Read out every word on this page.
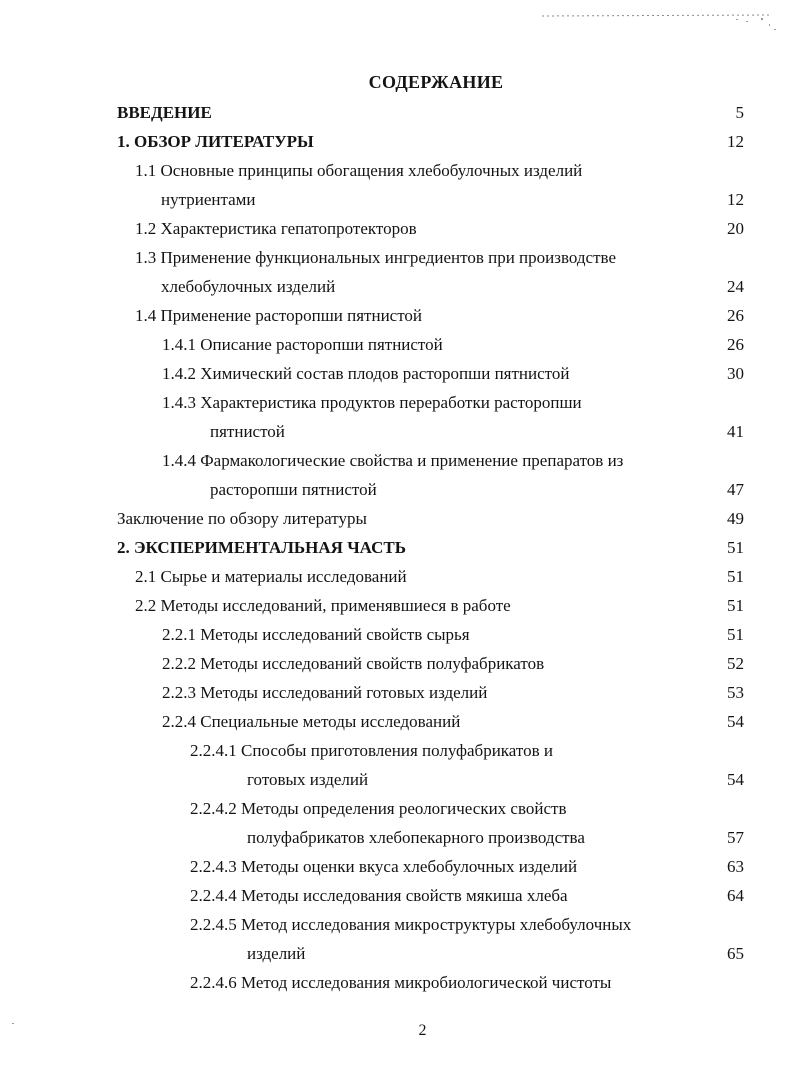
СОДЕРЖАНИЕ
ВВЕДЕНИЕ	5
1. ОБЗОР ЛИТЕРАТУРЫ	12
1.1 Основные принципы обогащения хлебобулочных изделий
нутриентами	12
1.2 Характеристика гепатопротекторов	20
1.3 Применение функциональных ингредиентов при производстве
хлебобулочных изделий	24
1.4 Применение расторопши пятнистой	26
1.4.1 Описание расторопши пятнистой	26
1.4.2 Химический состав плодов расторопши пятнистой	30
1.4.3 Характеристика продуктов переработки расторопши
пятнистой	41
1.4.4 Фармакологические свойства и применение препаратов из
расторопши пятнистой	47
Заключение по обзору литературы	49
2. ЭКСПЕРИМЕНТАЛЬНАЯ ЧАСТЬ	51
2.1 Сырье и материалы исследований	51
2.2 Методы исследований, применявшиеся в работе	51
2.2.1 Методы исследований свойств сырья	51
2.2.2 Методы исследований свойств полуфабрикатов	52
2.2.3 Методы исследований готовых изделий	53
2.2.4 Специальные методы исследований	54
2.2.4.1 Способы приготовления полуфабрикатов и
готовых изделий	54
2.2.4.2 Методы определения реологических свойств
полуфабрикатов хлебопекарного производства	57
2.2.4.3 Методы оценки вкуса хлебобулочных изделий	63
2.2.4.4 Методы исследования свойств мякиша хлеба	64
2.2.4.5 Метод исследования микроструктуры хлебобулочных
изделий	65
2.2.4.6 Метод исследования микробиологической чистоты
2
